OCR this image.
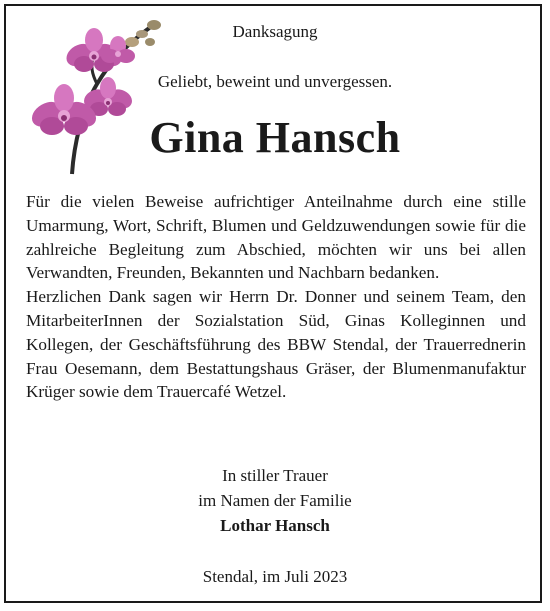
Danksagung
Geliebt, beweint und unvergessen.
Gina Hansch

Für die vielen Beweise aufrichtiger Anteilnahme durch eine stille Umarmung, Wort, Schrift, Blumen und Geldzuwendungen sowie für die zahlreiche Begleitung zum Abschied, möchten wir uns bei allen Verwandten, Freunden, Bekannten und Nachbarn bedanken.

Herzlichen Dank sagen wir Herrn Dr. Donner und seinem Team, den MitarbeiterInnen der Sozialstation Süd, Ginas Kolleginnen und Kollegen, der Geschäftsführung des BBW Stendal, der Trauerrednerin Frau Oesemann, dem Bestattungshaus Gräser, der Blumenmanufaktur Krüger sowie dem Trauercafé Wetzel.

In stiller Trauer
im Namen der Familie
Lothar Hansch
Stendal, im Juli 2023
